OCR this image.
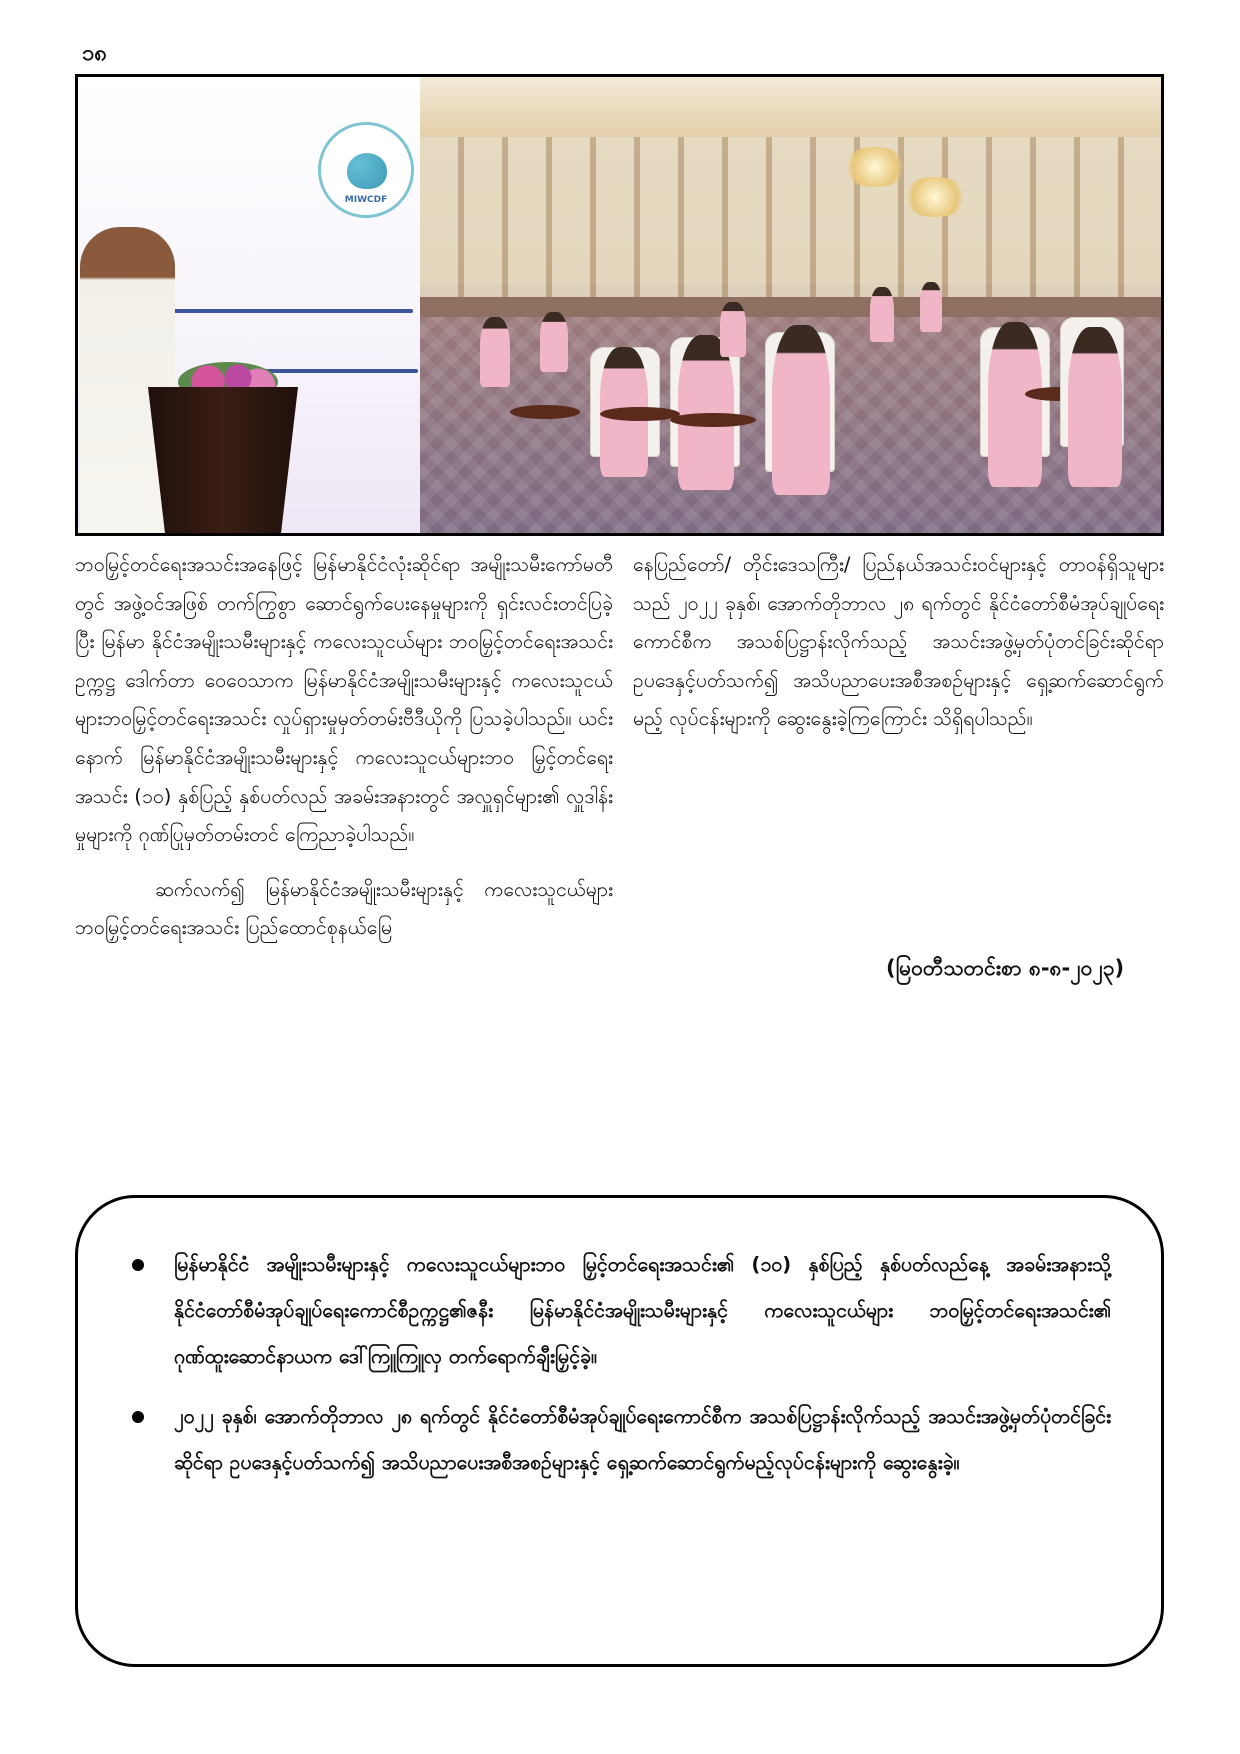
၁၈
MIWCDF

ဘဝမြှင့်တင်ရေးအသင်းအနေဖြင့် မြန်မာနိုင်ငံလုံးဆိုင်ရာ အမျိုးသမီးကော်မတီတွင် အဖွဲ့ဝင်အဖြစ် တက်ကြွစွာ ဆောင်ရွက်ပေးနေမှုများကို ရှင်းလင်းတင်ပြခဲ့ပြီး မြန်မာ နိုင်ငံအမျိုးသမီးများနှင့် ကလေးသူငယ်များ ဘဝမြှင့်တင်ရေးအသင်းဥက္ကဋ္ဌ ဒေါက်တာ ဝေဝေသာက မြန်မာနိုင်ငံအမျိုးသမီးများနှင့် ကလေးသူငယ်များဘဝမြှင့်တင်ရေးအသင်း လှုပ်ရှားမှုမှတ်တမ်းဗီဒီယိုကို ပြသခဲ့ပါသည်။ ယင်းနောက် မြန်မာနိုင်ငံအမျိုးသမီးများနှင့် ကလေးသူငယ်များဘဝ မြှင့်တင်ရေးအသင်း (၁၀) နှစ်ပြည့် နှစ်ပတ်လည် အခမ်းအနားတွင် အလှူရှင်များ၏ လှူဒါန်းမှုများကို ဂုဏ်ပြုမှတ်တမ်းတင် ကြေညာခဲ့ပါသည်။

ဆက်လက်၍ မြန်မာနိုင်ငံအမျိုးသမီးများနှင့် ကလေးသူငယ်များဘဝမြှင့်တင်ရေးအသင်း ပြည်ထောင်စုနယ်မြေ

နေပြည်တော်/ တိုင်းဒေသကြီး/ ပြည်နယ်အသင်းဝင်များနှင့် တာဝန်ရှိသူများသည် ၂၀၂၂ ခုနှစ်၊ အောက်တိုဘာလ ၂၈ ရက်တွင် နိုင်ငံတော်စီမံအုပ်ချုပ်ရေးကောင်စီက အသစ်ပြဋ္ဌာန်းလိုက်သည့် အသင်းအဖွဲ့မှတ်ပုံတင်ခြင်းဆိုင်ရာ ဥပဒေနှင့်ပတ်သက်၍ အသိပညာပေးအစီအစဉ်များနှင့် ရှေ့ဆက်ဆောင်ရွက်မည့် လုပ်ငန်းများကို ဆွေးနွေးခဲ့ကြကြောင်း သိရှိရပါသည်။

(မြဝတီသတင်းစာ ၈-၈-၂၀၂၃)
မြန်မာနိုင်ငံ အမျိုးသမီးများနှင့် ကလေးသူငယ်များဘဝ မြှင့်တင်ရေးအသင်း၏ (၁၀) နှစ်ပြည့် နှစ်ပတ်လည်နေ့ အခမ်းအနားသို့ နိုင်ငံတော်စီမံအုပ်ချုပ်ရေးကောင်စီဥက္ကဋ္ဌ၏ဇနီး မြန်မာနိုင်ငံအမျိုးသမီးများနှင့် ကလေးသူငယ်များ ဘဝမြှင့်တင်ရေးအသင်း၏ ဂုဏ်ထူးဆောင်နာယက ဒေါ်ကြူကြူလှ တက်ရောက်ချီးမြှင့်ခဲ့။
၂၀၂၂ ခုနှစ်၊ အောက်တိုဘာလ ၂၈ ရက်တွင် နိုင်ငံတော်စီမံအုပ်ချုပ်ရေးကောင်စီက အသစ်ပြဋ္ဌာန်းလိုက်သည့် အသင်းအဖွဲ့မှတ်ပုံတင်ခြင်းဆိုင်ရာ ဥပဒေနှင့်ပတ်သက်၍ အသိပညာပေးအစီအစဉ်များနှင့် ရှေ့ဆက်ဆောင်ရွက်မည့်လုပ်ငန်းများကို ဆွေးနွေးခဲ့။
